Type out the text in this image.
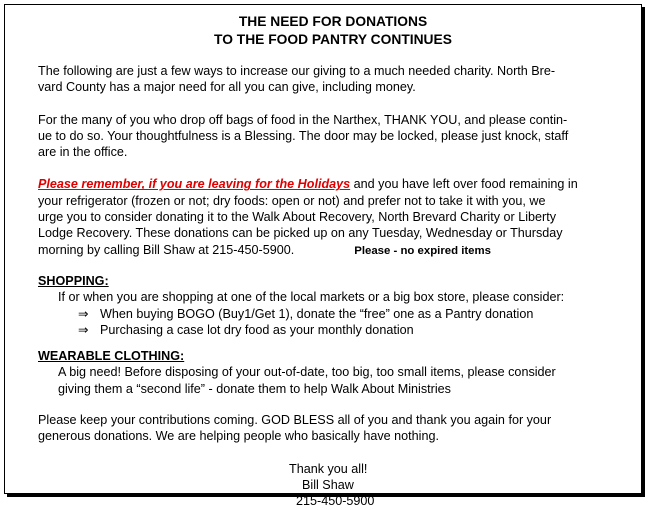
THE NEED FOR DONATIONS
TO THE FOOD PANTRY CONTINUES

The following are just a few ways to increase our giving to a much needed charity. North Bre-

vard County has a major need for all you can give, including money.

For the many of you who drop off bags of food in the Narthex, THANK YOU, and please contin-

ue to do so. Your thoughtfulness is a Blessing. The door may be locked, please just knock, staff

are in the office.

Please remember, if you are leaving for the Holidays and you have left over food remaining in

your refrigerator (frozen or not; dry foods: open or not) and prefer not to take it with you, we

urge you to consider donating it to the Walk About Recovery, North Brevard Charity or Liberty

Lodge Recovery. These donations can be picked up on any Tuesday, Wednesday or Thursday

morning by calling Bill Shaw at 215-450-5900.	Please - no expired items

SHOPPING:

If or when you are shopping at one of the local markets or a big box store, please consider:

⇒ When buying BOGO (Buy1/Get 1), donate the “free” one as a Pantry donation

⇒ Purchasing a case lot dry food as your monthly donation

WEARABLE CLOTHING:

A big need! Before disposing of your out-of-date, too big, too small items, please consider

giving them a “second life” - donate them to help Walk About Ministries

Please keep your contributions coming. GOD BLESS all of you and thank you again for your

generous donations. We are helping people who basically have nothing.

Thank you all!

Bill Shaw

215-450-5900
